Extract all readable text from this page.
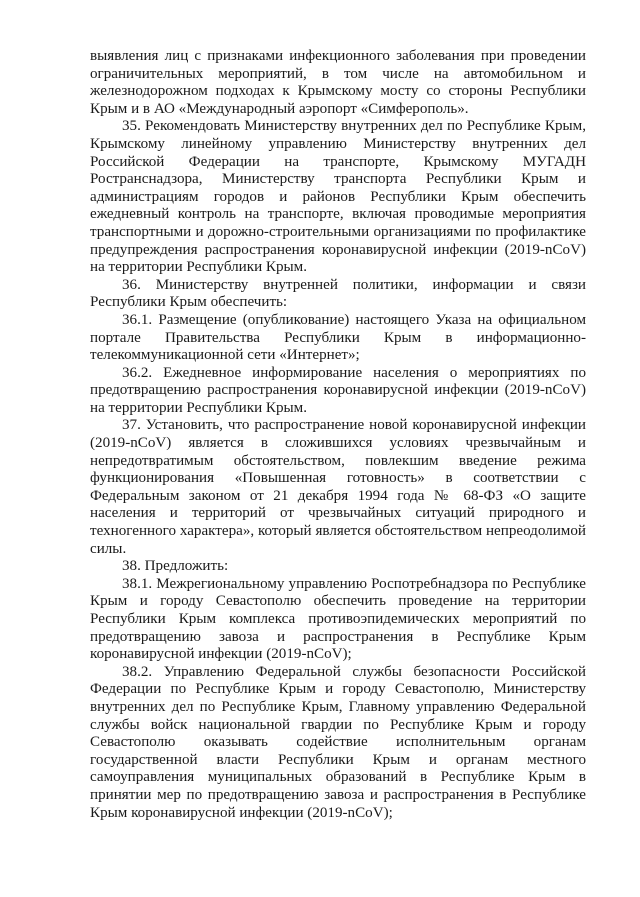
выявления лиц с признаками инфекционного заболевания при проведении ограничительных мероприятий, в том числе на автомобильном и железнодорожном подходах к Крымскому мосту со стороны Республики Крым и в АО «Международный аэропорт «Симферополь».

35. Рекомендовать Министерству внутренних дел по Республике Крым, Крымскому линейному управлению Министерству внутренних дел Российской Федерации на транспорте, Крымскому МУГАДН Ространснадзора, Министерству транспорта Республики Крым и администрациям городов и районов Республики Крым обеспечить ежедневный контроль на транспорте, включая проводимые мероприятия транспортными и дорожно-строительными организациями по профилактике предупреждения распространения коронавирусной инфекции (2019-nCoV) на территории Республики Крым.

36. Министерству внутренней политики, информации и связи Республики Крым обеспечить:

36.1. Размещение (опубликование) настоящего Указа на официальном портале Правительства Республики Крым в информационно-телекоммуникационной сети «Интернет»;

36.2. Ежедневное информирование населения о мероприятиях по предотвращению распространения коронавирусной инфекции (2019-nCoV) на территории Республики Крым.

37. Установить, что распространение новой коронавирусной инфекции (2019-nCoV) является в сложившихся условиях чрезвычайным и непредотвратимым обстоятельством, повлекшим введение режима функционирования «Повышенная готовность» в соответствии с Федеральным законом от 21 декабря 1994 года № 68-ФЗ «О защите населения и территорий от чрезвычайных ситуаций природного и техногенного характера», который является обстоятельством непреодолимой силы.

38. Предложить:

38.1. Межрегиональному управлению Роспотребнадзора по Республике Крым и городу Севастополю обеспечить проведение на территории Республики Крым комплекса противоэпидемических мероприятий по предотвращению завоза и распространения в Республике Крым коронавирусной инфекции (2019-nCoV);

38.2. Управлению Федеральной службы безопасности Российской Федерации по Республике Крым и городу Севастополю, Министерству внутренних дел по Республике Крым, Главному управлению Федеральной службы войск национальной гвардии по Республике Крым и городу Севастополю оказывать содействие исполнительным органам государственной власти Республики Крым и органам местного самоуправления муниципальных образований в Республике Крым в принятии мер по предотвращению завоза и распространения в Республике Крым коронавирусной инфекции (2019-nCoV);
